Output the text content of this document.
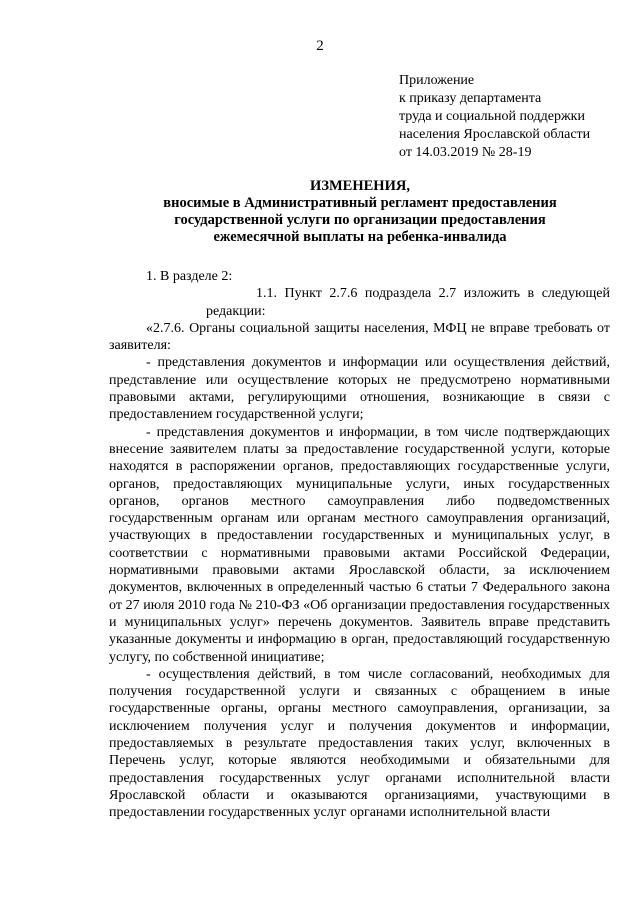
2
Приложение
к приказу департамента
труда и социальной поддержки
населения Ярославской области
от 14.03.2019 № 28-19
ИЗМЕНЕНИЯ,
вносимые в Административный регламент предоставления
государственной услуги по организации предоставления
ежемесячной выплаты на ребенка-инвалида

1. В разделе 2:

1.1. Пункт 2.7.6 подраздела 2.7 изложить в следующей редакции:

«2.7.6. Органы социальной защиты населения, МФЦ не вправе требовать от заявителя:

- представления документов и информации или осуществления действий, представление или осуществление которых не предусмотрено нормативными правовыми актами, регулирующими отношения, возникающие в связи с предоставлением государственной услуги;

- представления документов и информации, в том числе подтверждающих внесение заявителем платы за предоставление государственной услуги, которые находятся в распоряжении органов, предоставляющих государственные услуги, органов, предоставляющих муниципальные услуги, иных государственных органов, органов местного самоуправления либо подведомственных государственным органам или органам местного самоуправления организаций, участвующих в предоставлении государственных и муниципальных услуг, в соответствии с нормативными правовыми актами Российской Федерации, нормативными правовыми актами Ярославской области, за исключением документов, включенных в определенный частью 6 статьи 7 Федерального закона от 27 июля 2010 года № 210-ФЗ «Об организации предоставления государственных и муниципальных услуг» перечень документов. Заявитель вправе представить указанные документы и информацию в орган, предоставляющий государственную услугу, по собственной инициативе;

- осуществления действий, в том числе согласований, необходимых для получения государственной услуги и связанных с обращением в иные государственные органы, органы местного самоуправления, организации, за исключением получения услуг и получения документов и информации, предоставляемых в результате предоставления таких услуг, включенных в Перечень услуг, которые являются необходимыми и обязательными для предоставления государственных услуг органами исполнительной власти Ярославской области и оказываются организациями, участвующими в предоставлении государственных услуг органами исполнительной власти
